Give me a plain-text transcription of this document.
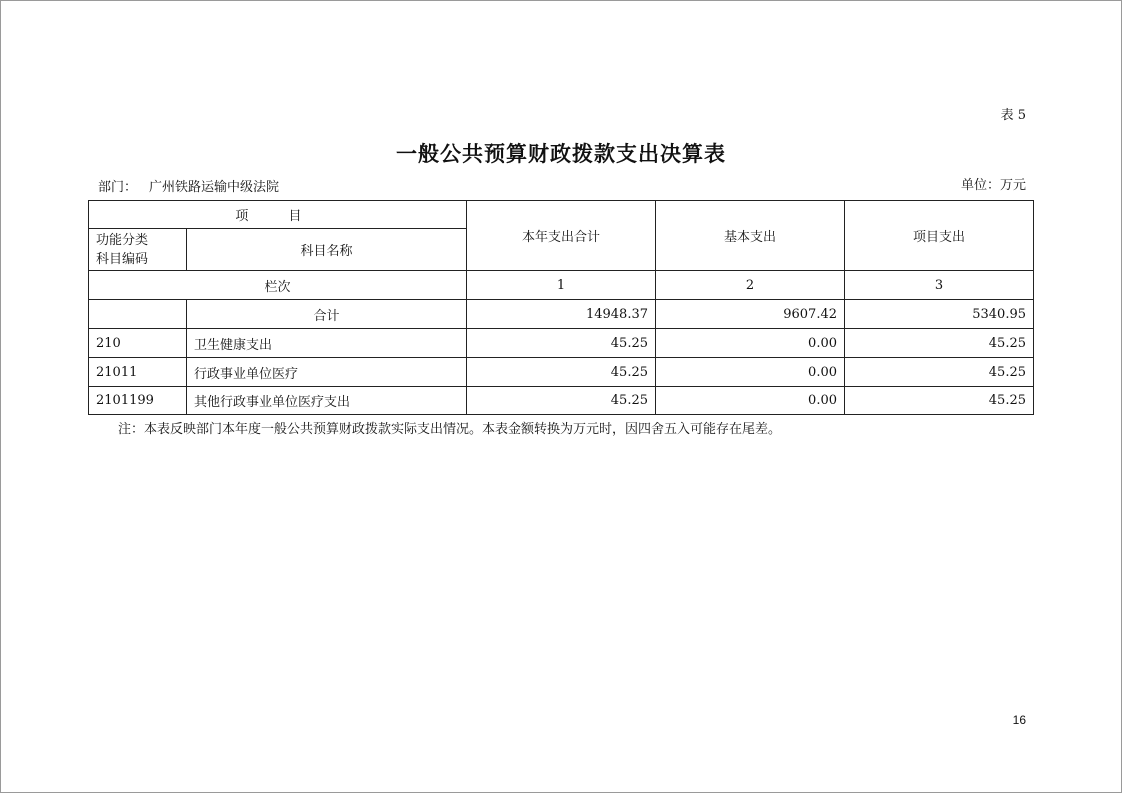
表 5
一般公共预算财政拨款支出决算表
部门： 广州铁路运输中级法院	单位：万元
项 目		本年支出合计	基本支出	项目支出

功能分类
科目编码	科目名称			
栏次		1	2	3
	合计	14948.37	9607.42	5340.95
210	卫生健康支出	45.25	0.00	45.25
21011	行政事业单位医疗	45.25	0.00	45.25
2101199	其他行政事业单位医疗支出	45.25	0.00	45.25
注：本表反映部门本年度一般公共预算财政拨款实际支出情况。本表金额转换为万元时，因四舍五入可能存在尾差。
16
